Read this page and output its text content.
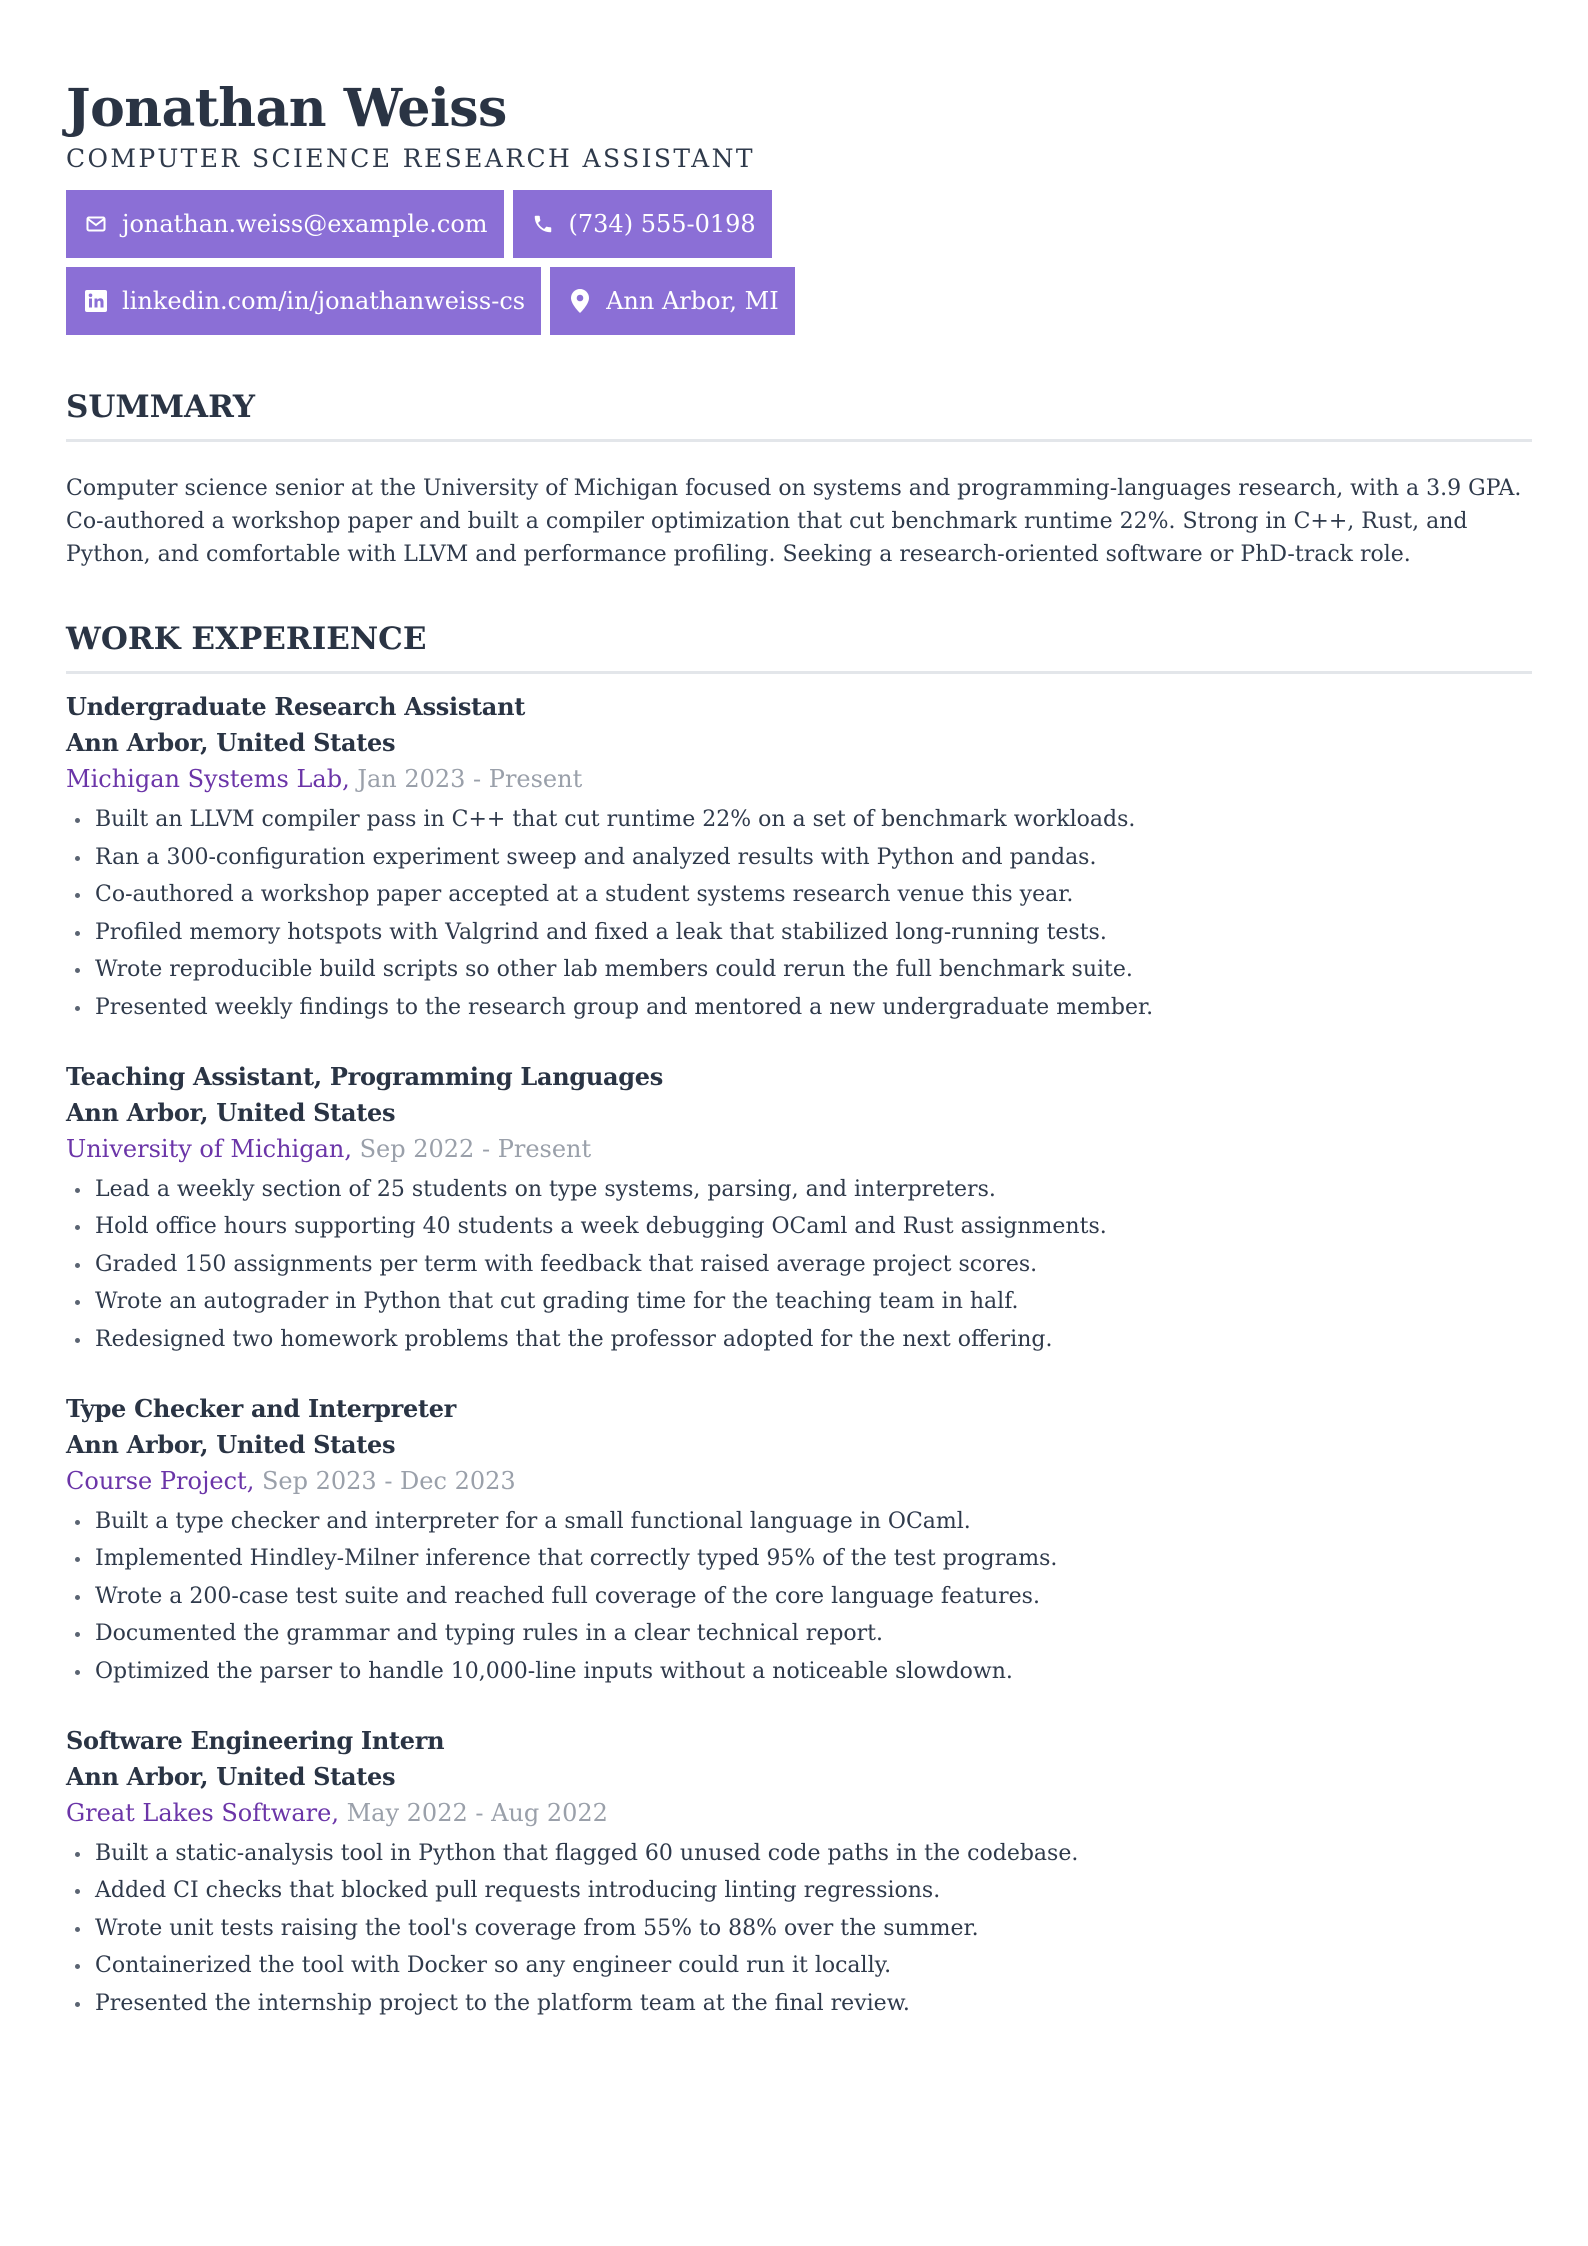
Jonathan Weiss
COMPUTER SCIENCE RESEARCH ASSISTANT
jonathan.weiss@example.com	(734) 555-0198
linkedin.com/in/jonathanweiss-cs	Ann Arbor, MI
SUMMARY

Computer science senior at the University of Michigan focused on systems and programming-languages research, with a 3.9 GPA. Co-authored a workshop paper and built a compiler optimization that cut benchmark runtime 22%. Strong in C++, Rust, and Python, and comfortable with LLVM and performance profiling. Seeking a research-oriented software or PhD-track role.

WORK EXPERIENCE
Undergraduate Research Assistant
Ann Arbor, United States
Michigan Systems Lab, Jan 2023 - Present
Built an LLVM compiler pass in C++ that cut runtime 22% on a set of benchmark workloads.
Ran a 300-configuration experiment sweep and analyzed results with Python and pandas.
Co-authored a workshop paper accepted at a student systems research venue this year.
Profiled memory hotspots with Valgrind and fixed a leak that stabilized long-running tests.
Wrote reproducible build scripts so other lab members could rerun the full benchmark suite.
Presented weekly findings to the research group and mentored a new undergraduate member.
Teaching Assistant, Programming Languages
Ann Arbor, United States
University of Michigan, Sep 2022 - Present
Lead a weekly section of 25 students on type systems, parsing, and interpreters.
Hold office hours supporting 40 students a week debugging OCaml and Rust assignments.
Graded 150 assignments per term with feedback that raised average project scores.
Wrote an autograder in Python that cut grading time for the teaching team in half.
Redesigned two homework problems that the professor adopted for the next offering.
Type Checker and Interpreter
Ann Arbor, United States
Course Project, Sep 2023 - Dec 2023
Built a type checker and interpreter for a small functional language in OCaml.
Implemented Hindley-Milner inference that correctly typed 95% of the test programs.
Wrote a 200-case test suite and reached full coverage of the core language features.
Documented the grammar and typing rules in a clear technical report.
Optimized the parser to handle 10,000-line inputs without a noticeable slowdown.
Software Engineering Intern
Ann Arbor, United States
Great Lakes Software, May 2022 - Aug 2022
Built a static-analysis tool in Python that flagged 60 unused code paths in the codebase.
Added CI checks that blocked pull requests introducing linting regressions.
Wrote unit tests raising the tool's coverage from 55% to 88% over the summer.
Containerized the tool with Docker so any engineer could run it locally.
Presented the internship project to the platform team at the final review.
